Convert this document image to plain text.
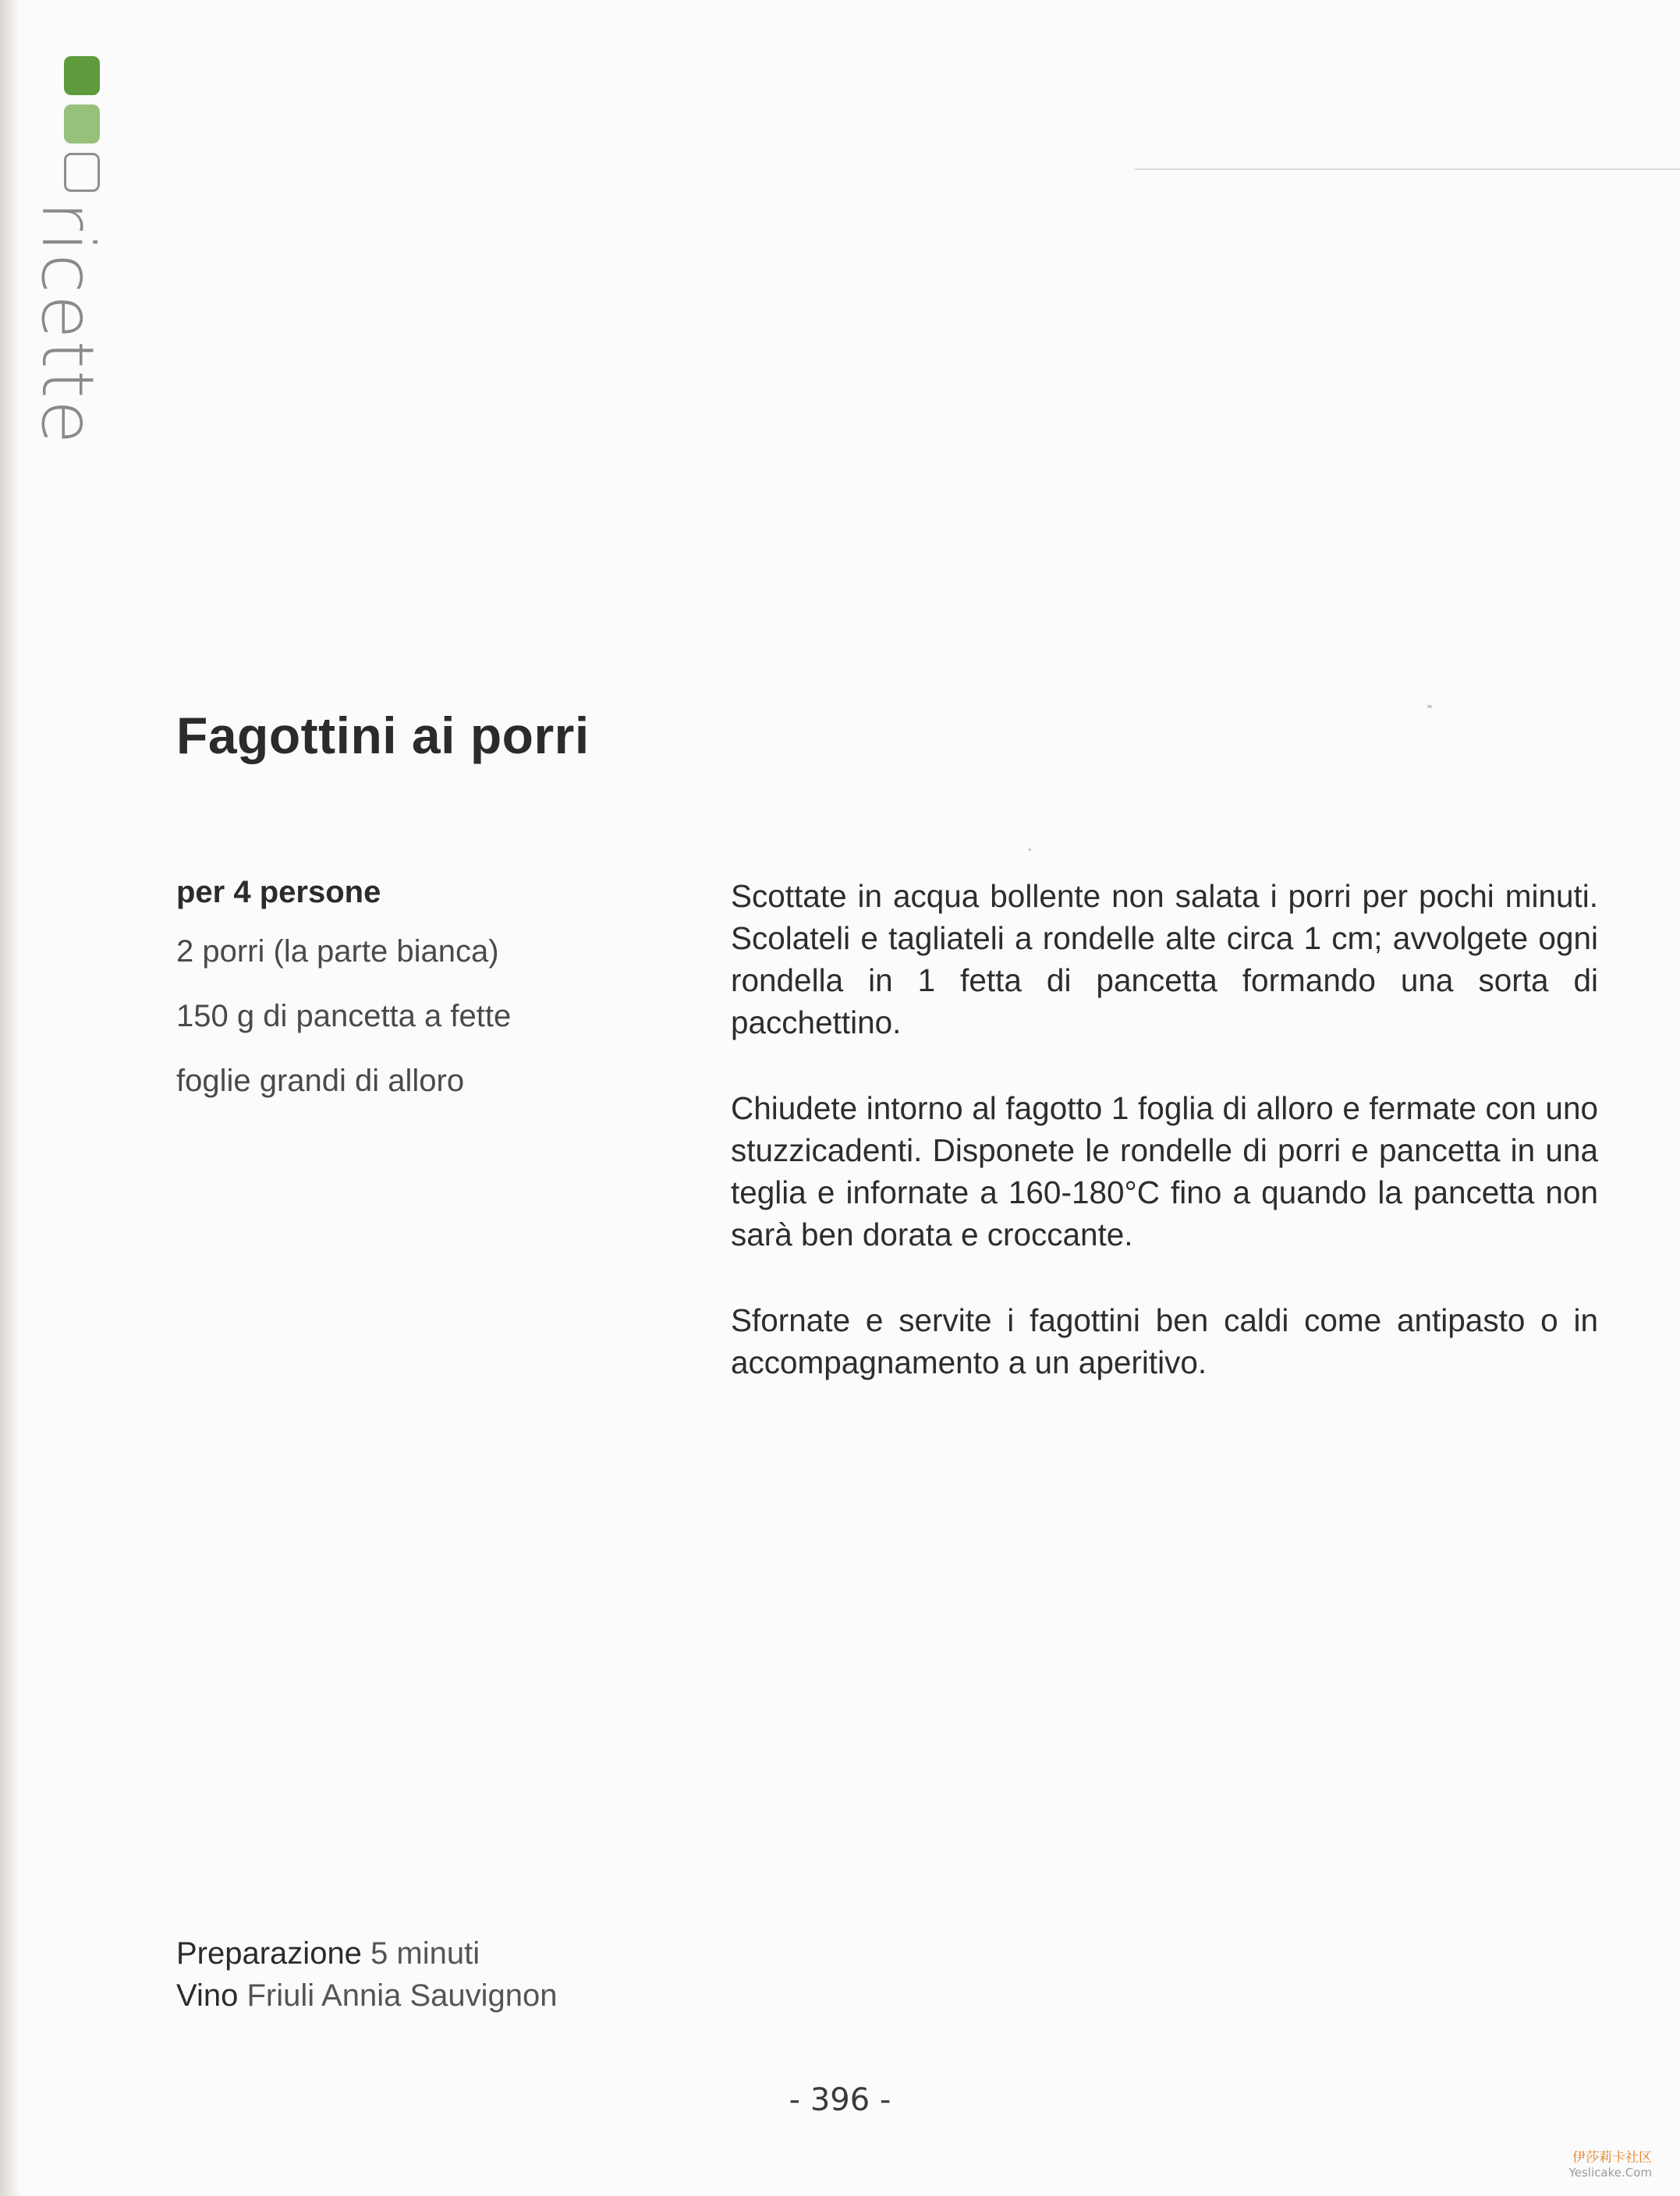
ricette
Fagottini ai porri

per 4 persone

2 porri (la parte bianca)
150 g di pancetta a fette
foglie grandi di alloro

Scottate in acqua bollente non salata i porri per pochi minuti. Scolateli e tagliateli a rondelle alte circa 1 cm; avvolgete ogni rondella in 1 fetta di pancetta formando una sorta di pacchettino.

Chiudete intorno al fagotto 1 foglia di alloro e fermate con uno stuzzicadenti. Disponete le rondelle di porri e pancetta in una teglia e infornate a 160-180°C fino a quando la pancetta non sarà ben dorata e croccante.

Sfornate e servite i fagottini ben caldi come antipasto o in accompagnamento a un aperitivo.

Preparazione 5 minuti
Vino Friuli Annia Sauvignon
- 396 -
伊莎莉卡社区
Yeslicake.Com
